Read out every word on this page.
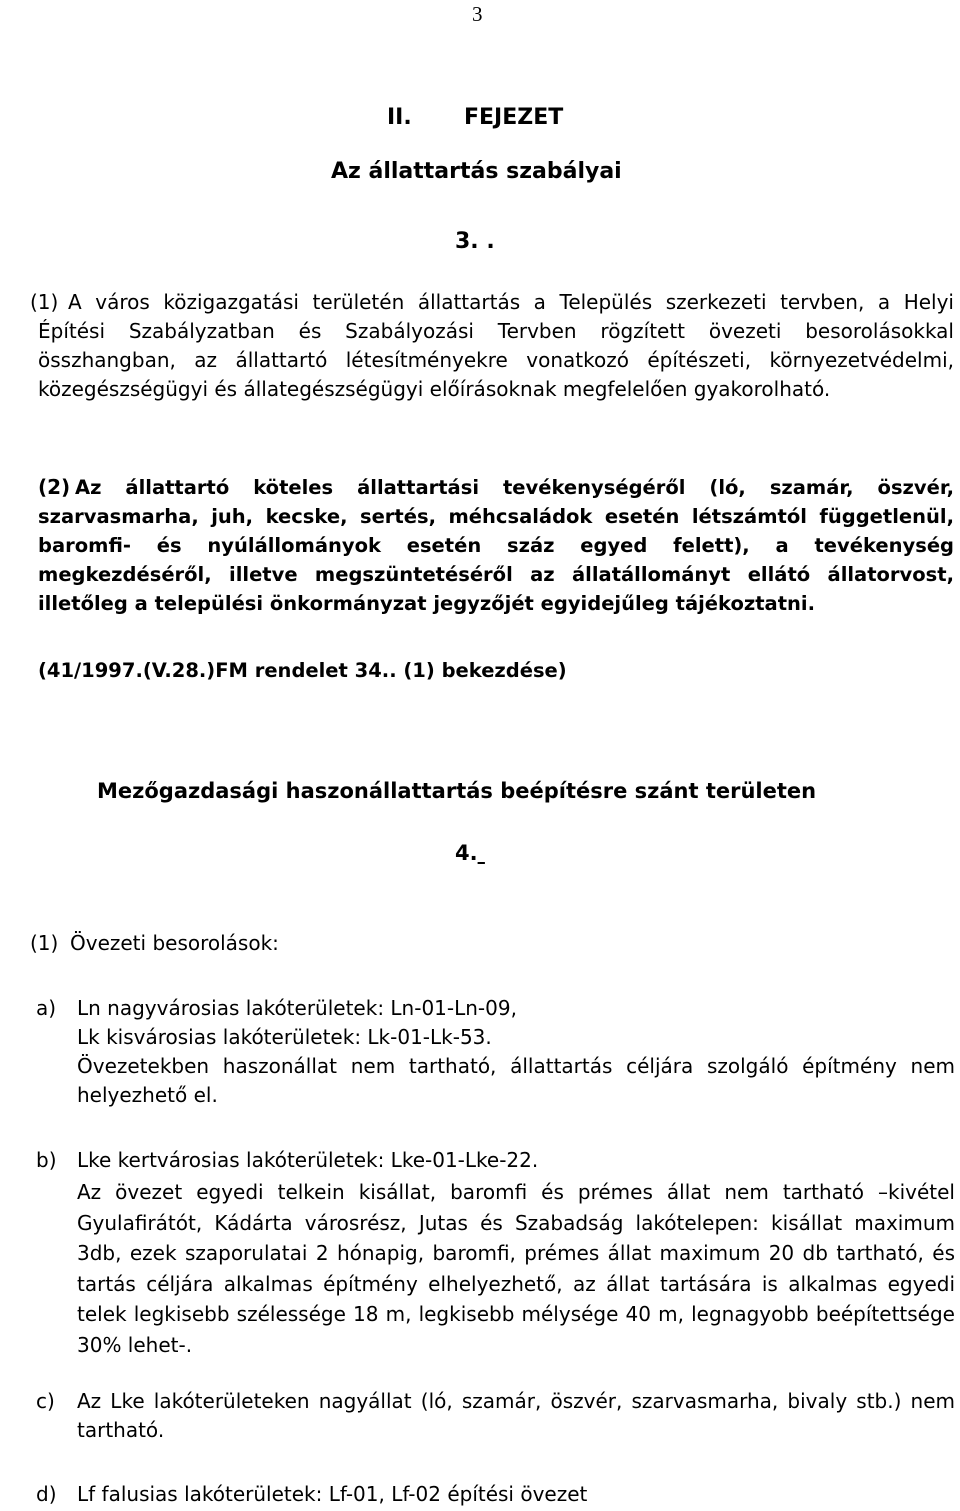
3
II. FEJEZET
Az állattartás szabályai
3. .
(1) A város közigazgatási területén állattartás a Település szerkezeti tervben, a Helyi Építési Szabályzatban és Szabályozási Tervben rögzített övezeti besorolásokkal összhangban, az állattartó létesítményekre vonatkozó építészeti, környezetvédelmi, közegészségügyi és állategészségügyi előírásoknak megfelelően gyakorolható.
(2) Az állattartó köteles állattartási tevékenységéről (ló, szamár, öszvér, szarvasmarha, juh, kecske, sertés, méhcsaládok esetén létszámtól függetlenül, baromfi- és nyúlállományok esetén száz egyed felett), a tevékenység megkezdéséről, illetve megszüntetéséről az állatállományt ellátó állatorvost, illetőleg a települési önkormányzat jegyzőjét egyidejűleg tájékoztatni.
(41/1997.(V.28.)FM rendelet 34.. (1) bekezdése)
Mezőgazdasági haszonállattartás beépítésre szánt területen
4.
(1) Övezeti besorolások:
a) Ln nagyvárosias lakóterületek: Ln-01-Ln-09,
Lk kisvárosias lakóterületek: Lk-01-Lk-53.
Övezetekben haszonállat nem tartható, állattartás céljára szolgáló építmény nem helyezhető el.
b) Lke kertvárosias lakóterületek: Lke-01-Lke-22.
Az övezet egyedi telkein kisállat, baromfi és prémes állat nem tartható –kivétel Gyulafirátót, Kádárta városrész, Jutas és Szabadság lakótelepen: kisállat maximum 3db, ezek szaporulatai 2 hónapig, baromfi, prémes állat maximum 20 db tartható, és tartás céljára alkalmas építmény elhelyezhető, az állat tartására is alkalmas egyedi telek legkisebb szélessége 18 m, legkisebb mélysége 40 m, legnagyobb beépítettsége 30% lehet-.
c) Az Lke lakóterületeken nagyállat (ló, szamár, öszvér, szarvasmarha, bivaly stb.) nem tartható.
d) Lf falusias lakóterületek: Lf-01, Lf-02 építési övezet
